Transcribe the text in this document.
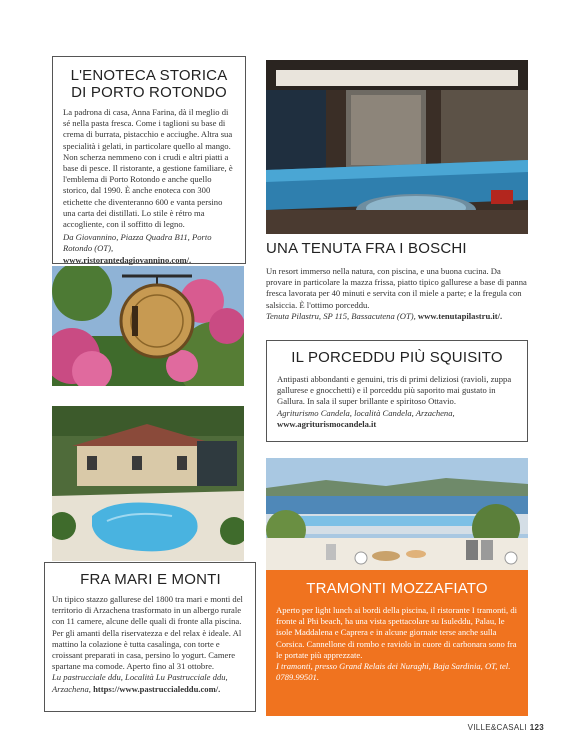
L'ENOTECA STORICA
DI PORTO ROTONDO

La padrona di casa, Anna Farina, dà il meglio di sé nella pasta fresca. Come i taglioni su base di crema di burrata, pistacchio e acciughe. Altra sua specialità i gelati, in particolare quello al mango. Non scherza nemmeno con i crudi e altri piatti a base di pesce. Il ristorante, a gestione familiare, è l'emblema di Porto Rotondo e anche quello storico, dal 1990. È anche enoteca con 300 etichette che diventeranno 600 e vanta persino una carta dei distillati. Lo stile è rétro ma accogliente, con il soffitto di legno.

Da Giovannino, Piazza Quadra B11, Porto Rotondo (OT), www.ristorantedagiovannino.com/.

FRA MARI E MONTI

Un tipico stazzo gallurese del 1800 tra mari e monti del territorio di Arzachena trasformato in un albergo rurale con 11 camere, alcune delle quali di fronte alla piscina. Per gli amanti della riservatezza e del relax è ideale. Al mattino la colazione è tutta casalinga, con torte e croissant preparati in casa, persino lo yogurt. Camere spartane ma comode. Aperto fino al 31 ottobre.

Lu pastrucciale ddu, Località Lu Pastrucciale ddu, Arzachena, https://www.pastruccialeddu.com/.

UNA TENUTA FRA I BOSCHI

Un resort immerso nella natura, con piscina, e una buona cucina. Da provare in particolare la mazza frissa, piatto tipico gallurese a base di panna fresca lavorata per 40 minuti e servita con il miele a parte; e la fregula con salsiccia. È l'ottimo porceddu.

Tenuta Pilastru, SP 115, Bassacutena (OT), www.tenutapilastru.it/.

IL PORCEDDU PIÙ SQUISITO

Antipasti abbondanti e genuini, tris di primi deliziosi (ravioli, zuppa gallurese e gnocchetti) e il porceddu più saporito mai gustato in Gallura. In sala il super brillante e spiritoso Ottavio.

Agriturismo Candela, località Candela, Arzachena, www.agriturismocandela.it

TRAMONTI MOZZAFIATO

Aperto per light lunch ai bordi della piscina, il ristorante I tramonti, di fronte al Phi beach, ha una vista spettacolare su Isuleddu, Palau, le isole Maddalena e Caprera e in alcune giornate terse anche sulla Corsica. Cannellone di rombo e raviolo in cuore di carbonara sono fra le portate più apprezzate.

I tramonti, presso Grand Relais dei Nuraghi, Baja Sardinia, OT, tel. 0789.99501.

VILLE&CASALI 123
